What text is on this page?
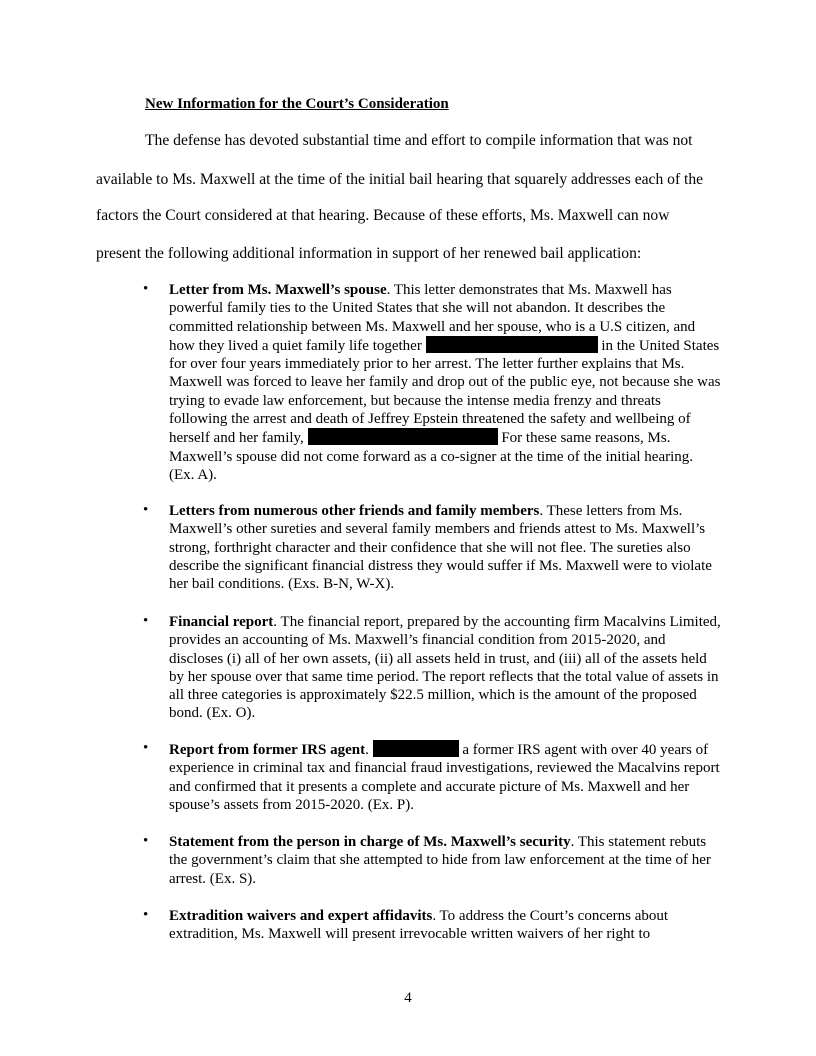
New Information for the Court’s Consideration
The defense has devoted substantial time and effort to compile information that was not
available to Ms. Maxwell at the time of the initial bail hearing that squarely addresses each of the
factors the Court considered at that hearing. Because of these efforts, Ms. Maxwell can now
present the following additional information in support of her renewed bail application:
• Letter from Ms. Maxwell’s spouse. This letter demonstrates that Ms. Maxwell has powerful family ties to the United States that she will not abandon. It describes the committed relationship between Ms. Maxwell and her spouse, who is a U.S citizen, and how they lived a quiet family life together	in the United States for over four years immediately prior to her arrest. The letter further explains that Ms. Maxwell was forced to leave her family and drop out of the public eye, not because she was trying to evade law enforcement, but because the intense media frenzy and threats following the arrest and death of Jeffrey Epstein threatened the safety and wellbeing of herself and her family,	For these same reasons, Ms. Maxwell’s spouse did not come forward as a co-signer at the time of the initial hearing. (Ex. A).
• Letters from numerous other friends and family members. These letters from Ms. Maxwell’s other sureties and several family members and friends attest to Ms. Maxwell’s strong, forthright character and their confidence that she will not flee. The sureties also describe the significant financial distress they would suffer if Ms. Maxwell were to violate her bail conditions. (Exs. B-N, W-X).
• Financial report. The financial report, prepared by the accounting firm Macalvins Limited, provides an accounting of Ms. Maxwell’s financial condition from 2015-2020, and discloses (i) all of her own assets, (ii) all assets held in trust, and (iii) all of the assets held by her spouse over that same time period. The report reflects that the total value of assets in all three categories is approximately $22.5 million, which is the amount of the proposed bond. (Ex. O).
• Report from former IRS agent.	a former IRS agent with over 40 years of experience in criminal tax and financial fraud investigations, reviewed the Macalvins report and confirmed that it presents a complete and accurate picture of Ms. Maxwell and her spouse’s assets from 2015-2020. (Ex. P).
• Statement from the person in charge of Ms. Maxwell’s security. This statement rebuts the government’s claim that she attempted to hide from law enforcement at the time of her arrest. (Ex. S).
• Extradition waivers and expert affidavits. To address the Court’s concerns about extradition, Ms. Maxwell will present irrevocable written waivers of her right to
4
